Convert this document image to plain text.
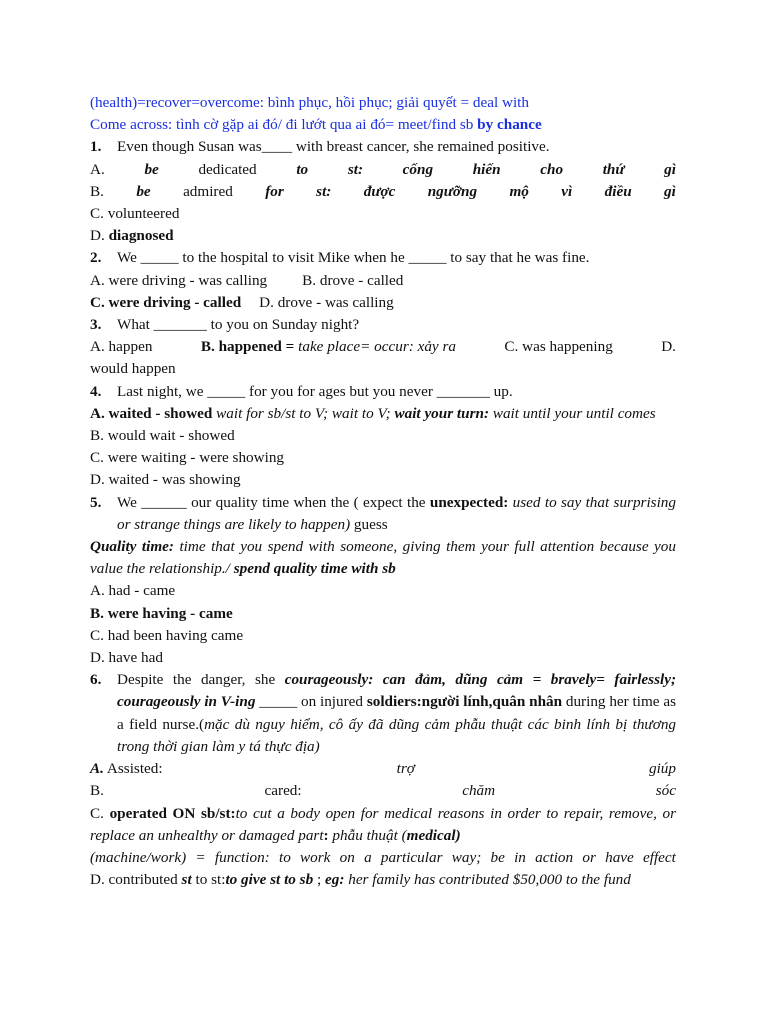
(health)=recover=overcome: bình phục, hồi phục; giải quyết = deal with
Come across: tình cờ gặp ai đó/ đi lướt qua ai đó= meet/find sb by chance
1.	Even though Susan was____ with breast cancer, she remained positive.
A.	be	dedicated	to	st:	cống	hiến	cho	thứ	gì
B. be admired for st: được ngưỡng mộ vì điều gì
C. volunteered
D. diagnosed
2.	We _____ to the hospital to visit Mike when he _____ to say that he was fine.
A. were driving - was calling B. drove - called
C. were driving - called D. drove - was calling
3.	What _______ to you on Sunday night?
A. happen	B. happened = take place= occur: xảy ra	C. was happening	D.
would happen
4.	Last night, we _____ for you for ages but you never _______ up.
A. waited - showed wait for sb/st to V; wait to V; wait your turn: wait until your until comes
B. would wait - showed
C. were waiting - were showing
D. waited - was showing
5.	We ______ our quality time when the ( expect the unexpected: used to say that surprising or strange things are likely to happen) guess
Quality time: time that you spend with someone, giving them your full attention because you value the relationship./ spend quality time with sb
A. had - came
B. were having - came
C. had been having came
D. have had
6.	Despite the danger, she courageously: can đảm, dũng cảm = bravely= fairlessly; courageously in V-ing _____ on injured soldiers:người lính,quân nhân during her time as a field nurse.(mặc dù nguy hiểm, cô ấy đã dũng cảm phẫu thuật các binh lính bị thương trong thời gian làm y tá thực địa)
A. Assisted:	trợ	giúp
B.	cared:	chăm	sóc
C. operated ON sb/st:to cut a body open for medical reasons in order to repair, remove, or replace an unhealthy or damaged part: phẫu thuật (medical)
(machine/work) = function: to work on a particular way; be in action or have effect
D. contributed st to st:to give st to sb ; eg: her family has contributed $50,000 to the fund
